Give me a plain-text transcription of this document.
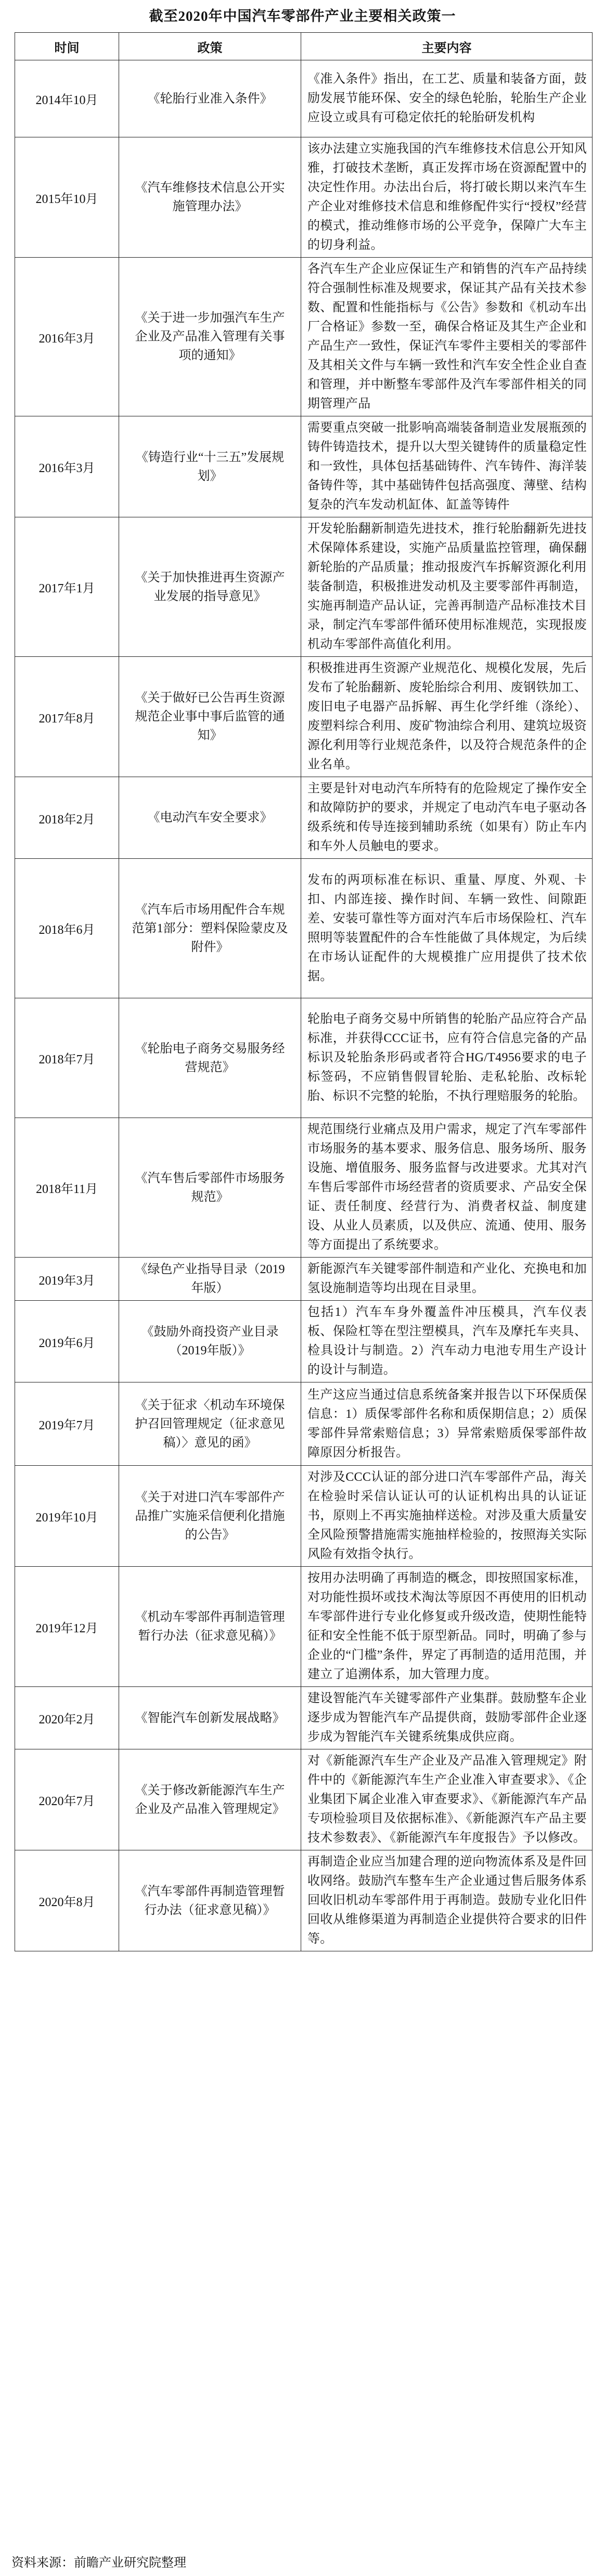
截至2020年中国汽车零部件产业主要相关政策一
时间	政策	主要内容
2014年10月	《轮胎行业准入条件》	《准入条件》指出，在工艺、质量和装备方面，鼓励发展节能环保、安全的绿色轮胎，轮胎生产企业应设立或具有可稳定依托的轮胎研发机构
2015年10月	《汽车维修技术信息公开实施管理办法》	该办法建立实施我国的汽车维修技术信息公开知风雅，打破技术垄断，真正发挥市场在资源配置中的决定性作用。办法出台后，将打破长期以来汽车生产企业对维修技术信息和维修配件实行“授权”经营的模式，推动维修市场的公平竞争，保障广大车主的切身利益。
2016年3月	《关于进一步加强汽车生产企业及产品准入管理有关事项的通知》	各汽车生产企业应保证生产和销售的汽车产品持续符合强制性标准及规要求，保证其产品有关技术参数、配置和性能指标与《公告》参数和《机动车出厂合格证》参数一至，确保合格证及其生产企业和产品生产一致性，保证汽车零件主要相关的零部件及其相关文件与车辆一致性和汽车安全性企业自查和管理，并中断整车零部件及汽车零部件相关的同期管理产品
2016年3月	《铸造行业“十三五”发展规划》	需要重点突破一批影响高端装备制造业发展瓶颈的铸件铸造技术，提升以大型关键铸件的质量稳定性和一致性，具体包括基础铸件、汽车铸件、海洋装备铸件等，其中基础铸件包括高强度、薄壁、结构复杂的汽车发动机缸体、缸盖等铸件
2017年1月	《关于加快推进再生资源产业发展的指导意见》	开发轮胎翻新制造先进技术，推行轮胎翻新先进技术保障体系建设，实施产品质量监控管理，确保翻新轮胎的产品质量；推动报废汽车拆解资源化利用装备制造，积极推进发动机及主要零部件再制造，实施再制造产品认证，完善再制造产品标准技术目录，制定汽车零部件循环使用标准规范，实现报废机动车零部件高值化利用。
2017年8月	《关于做好已公告再生资源规范企业事中事后监管的通知》	积极推进再生资源产业规范化、规模化发展，先后发布了轮胎翻新、废轮胎综合利用、废钢铁加工、废旧电子电器产品拆解、再生化学纤维（涤纶）、废塑料综合利用、废矿物油综合利用、建筑垃圾资源化利用等行业规范条件，以及符合规范条件的企业名单。
2018年2月	《电动汽车安全要求》	主要是针对电动汽车所特有的危险规定了操作安全和故障防护的要求，并规定了电动汽车电子驱动各级系统和传导连接到辅助系统（如果有）防止车内和车外人员触电的要求。
2018年6月	《汽车后市场用配件合车规范第1部分：塑料保险蒙皮及附件》	发布的两项标准在标识、重量、厚度、外观、卡扣、内部连接、操作时间、车辆一致性、间隙距差、安装可靠性等方面对汽车后市场保险杠、汽车照明等装置配件的合车性能做了具体规定，为后续在市场认证配件的大规模推广应用提供了技术依据。
2018年7月	《轮胎电子商务交易服务经营规范》	轮胎电子商务交易中所销售的轮胎产品应符合产品标准，并获得CCC证书，应有符合信息完备的产品标识及轮胎条形码或者符合HG/T4956要求的电子标签码，不应销售假冒轮胎、走私轮胎、改标轮胎、标识不完整的轮胎，不执行理赔服务的轮胎。
2018年11月	《汽车售后零部件市场服务规范》	规范围绕行业痛点及用户需求，规定了汽车零部件市场服务的基本要求、服务信息、服务场所、服务设施、增值服务、服务监督与改进要求。尤其对汽车售后零部件市场经营者的资质要求、产品安全保证、责任制度、经营行为、消费者权益、制度建设、从业人员素质，以及供应、流通、使用、服务等方面提出了系统要求。
2019年3月	《绿色产业指导目录（2019年版）	新能源汽车关键零部件制造和产业化、充换电和加氢设施制造等均出现在目录里。
2019年6月	《鼓励外商投资产业目录（2019年版）》	包括1）汽车车身外覆盖件冲压模具，汽车仪表板、保险杠等在型注塑模具，汽车及摩托车夹具、检具设计与制造。2）汽车动力电池专用生产设计的设计与制造。
2019年7月	《关于征求〈机动车环境保护召回管理规定（征求意见稿）〉意见的函》	生产这应当通过信息系统备案并报告以下环保质保信息：1）质保零部件名称和质保期信息；2）质保零部件异常索赔信息；3）异常索赔质保零部件故障原因分析报告。
2019年10月	《关于对进口汽车零部件产品推广实施采信便利化措施的公告》	对涉及CCC认证的部分进口汽车零部件产品，海关在检验时采信认证认可的认证机构出具的认证证书，原则上不再实施抽样送检。对涉及重大质量安全风险预警措施需实施抽样检验的，按照海关实际风险有效指令执行。
2019年12月	《机动车零部件再制造管理暂行办法（征求意见稿）》	按用办法明确了再制造的概念，即按照国家标准，对功能性损坏或技术淘汰等原因不再使用的旧机动车零部件进行专业化修复或升级改造，使期性能特征和安全性能不低于原型新品。同时，明确了参与企业的“门槛”条件，界定了再制造的适用范围，并建立了追溯体系，加大管理力度。
2020年2月	《智能汽车创新发展战略》	建设智能汽车关键零部件产业集群。鼓励整车企业逐步成为智能汽车产品提供商，鼓励零部件企业逐步成为智能汽车关键系统集成供应商。
2020年7月	《关于修改新能源汽车生产企业及产品准入管理规定》	对《新能源汽车生产企业及产品准入管理规定》附件中的《新能源汽车生产企业准入审查要求》、《企业集团下属企业准入审查要求》、《新能源汽车产品专项检验项目及依据标准》、《新能源汽车产品主要技术参数表》、《新能源汽车年度报告》予以修改。
2020年8月	《汽车零部件再制造管理暂行办法（征求意见稿）》	再制造企业应当加建合理的逆向物流体系及是件回收网络。鼓励汽车整车生产企业通过售后服务体系回收旧机动车零部件用于再制造。鼓励专业化旧件回收从维修渠道为再制造企业提供符合要求的旧件等。
资料来源：前瞻产业研究院整理
